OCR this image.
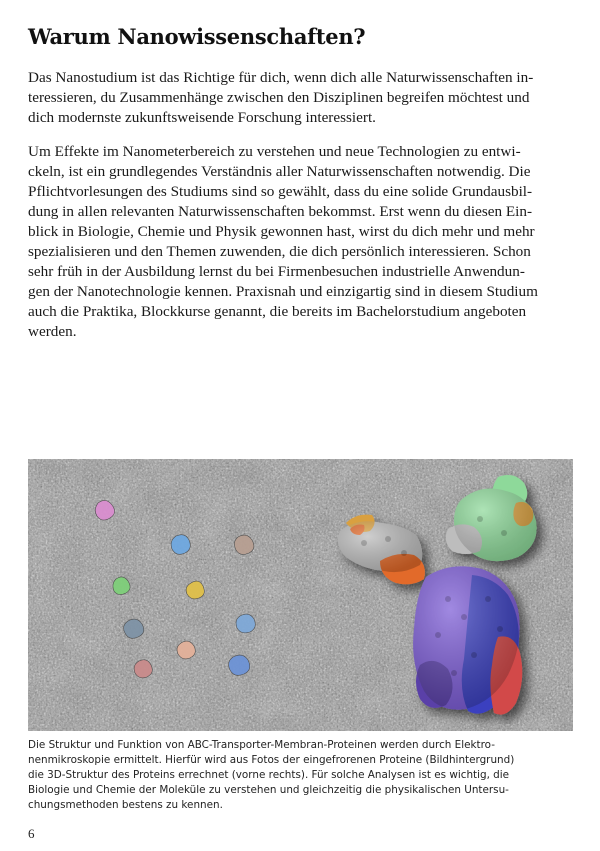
Warum Nanowissenschaften?

Das Nanostudium ist das Richtige für dich, wenn dich alle Naturwissenschaften in-
teressieren, du Zusammenhänge zwischen den Disziplinen begreifen möchtest und
dich modernste zukunftsweisende Forschung interessiert.

Um Effekte im Nanometerbereich zu verstehen und neue Technologien zu entwi-
ckeln, ist ein grundlegendes Verständnis aller Naturwissenschaften notwendig. Die
Pflichtvorlesungen des Studiums sind so gewählt, dass du eine solide Grundausbil-
dung in allen relevanten Naturwissenschaften bekommst. Erst wenn du diesen Ein-
blick in Biologie, Chemie und Physik gewonnen hast, wirst du dich mehr und mehr
spezialisieren und den Themen zuwenden, die dich persönlich interessieren. Schon
sehr früh in der Ausbildung lernst du bei Firmenbesuchen industrielle Anwendun-
gen der Nanotechnologie kennen. Praxisnah und einzigartig sind in diesem Studium
auch die Praktika, Blockkurse genannt, die bereits im Bachelorstudium angeboten
werden.

Die Struktur und Funktion von ABC-Transporter-Membran-Proteinen werden durch Elektro-
nenmikroskopie ermittelt. Hierfür wird aus Fotos der eingefrorenen Proteine (Bildhintergrund)
die 3D-Struktur des Proteins errechnet (vorne rechts). Für solche Analysen ist es wichtig, die
Biologie und Chemie der Moleküle zu verstehen und gleichzeitig die physikalischen Untersu-
chungsmethoden bestens zu kennen.

6
